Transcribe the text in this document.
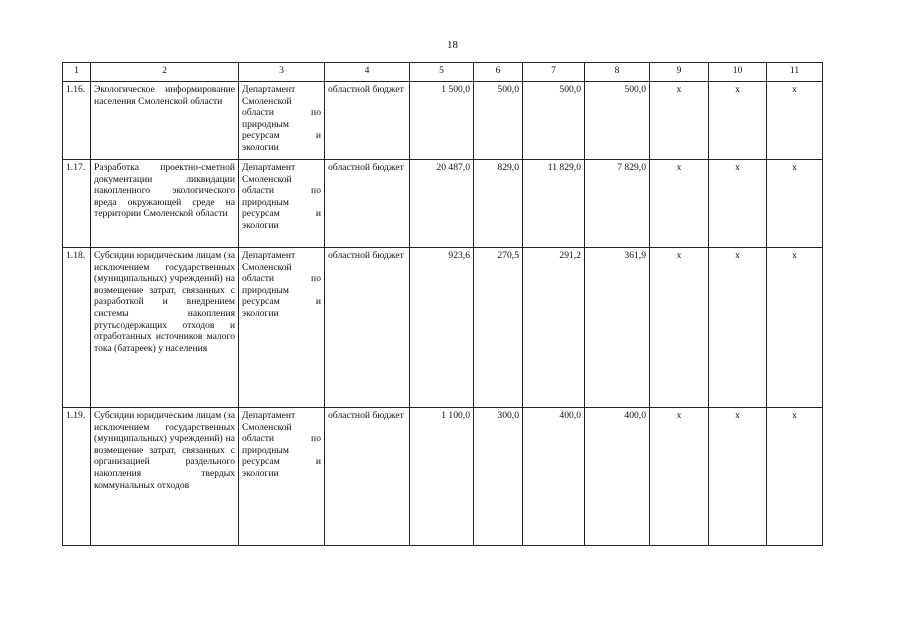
18
1	2	3	4	5	6	7	8	9	10	11
1.16.	Экологическое информирование населения Смоленской области	Департамент Смоленской области по природным ресурсам и экологии	областной бюджет	1 500,0	500,0	500,0	500,0	x	x	x
1.17.	Разработка проектно-сметной документации ликвидации накопленного экологического вреда окружающей среде на территории Смоленской области	Департамент Смоленской области по природным ресурсам и экологии	областной бюджет	20 487,0	829,0	11 829,0	7 829,0	x	x	x
1.18.	Субсидии юридическим лицам (за исключением государственных (муниципальных) учреждений) на возмещение затрат, связанных с разработкой и внедрением системы накопления ртутьсодержащих отходов и отработанных источников малого тока (батареек) у населения	Департамент Смоленской области по природным ресурсам и экологии	областной бюджет	923,6	270,5	291,2	361,9	x	x	x
1.19.	Субсидии юридическим лицам (за исключением государственных (муниципальных) учреждений) на возмещение затрат, связанных с организацией раздельного накопления твердых коммунальных отходов	Департамент Смоленской области по природным ресурсам и экологии	областной бюджет	1 100,0	300,0	400,0	400,0	x	x	x
